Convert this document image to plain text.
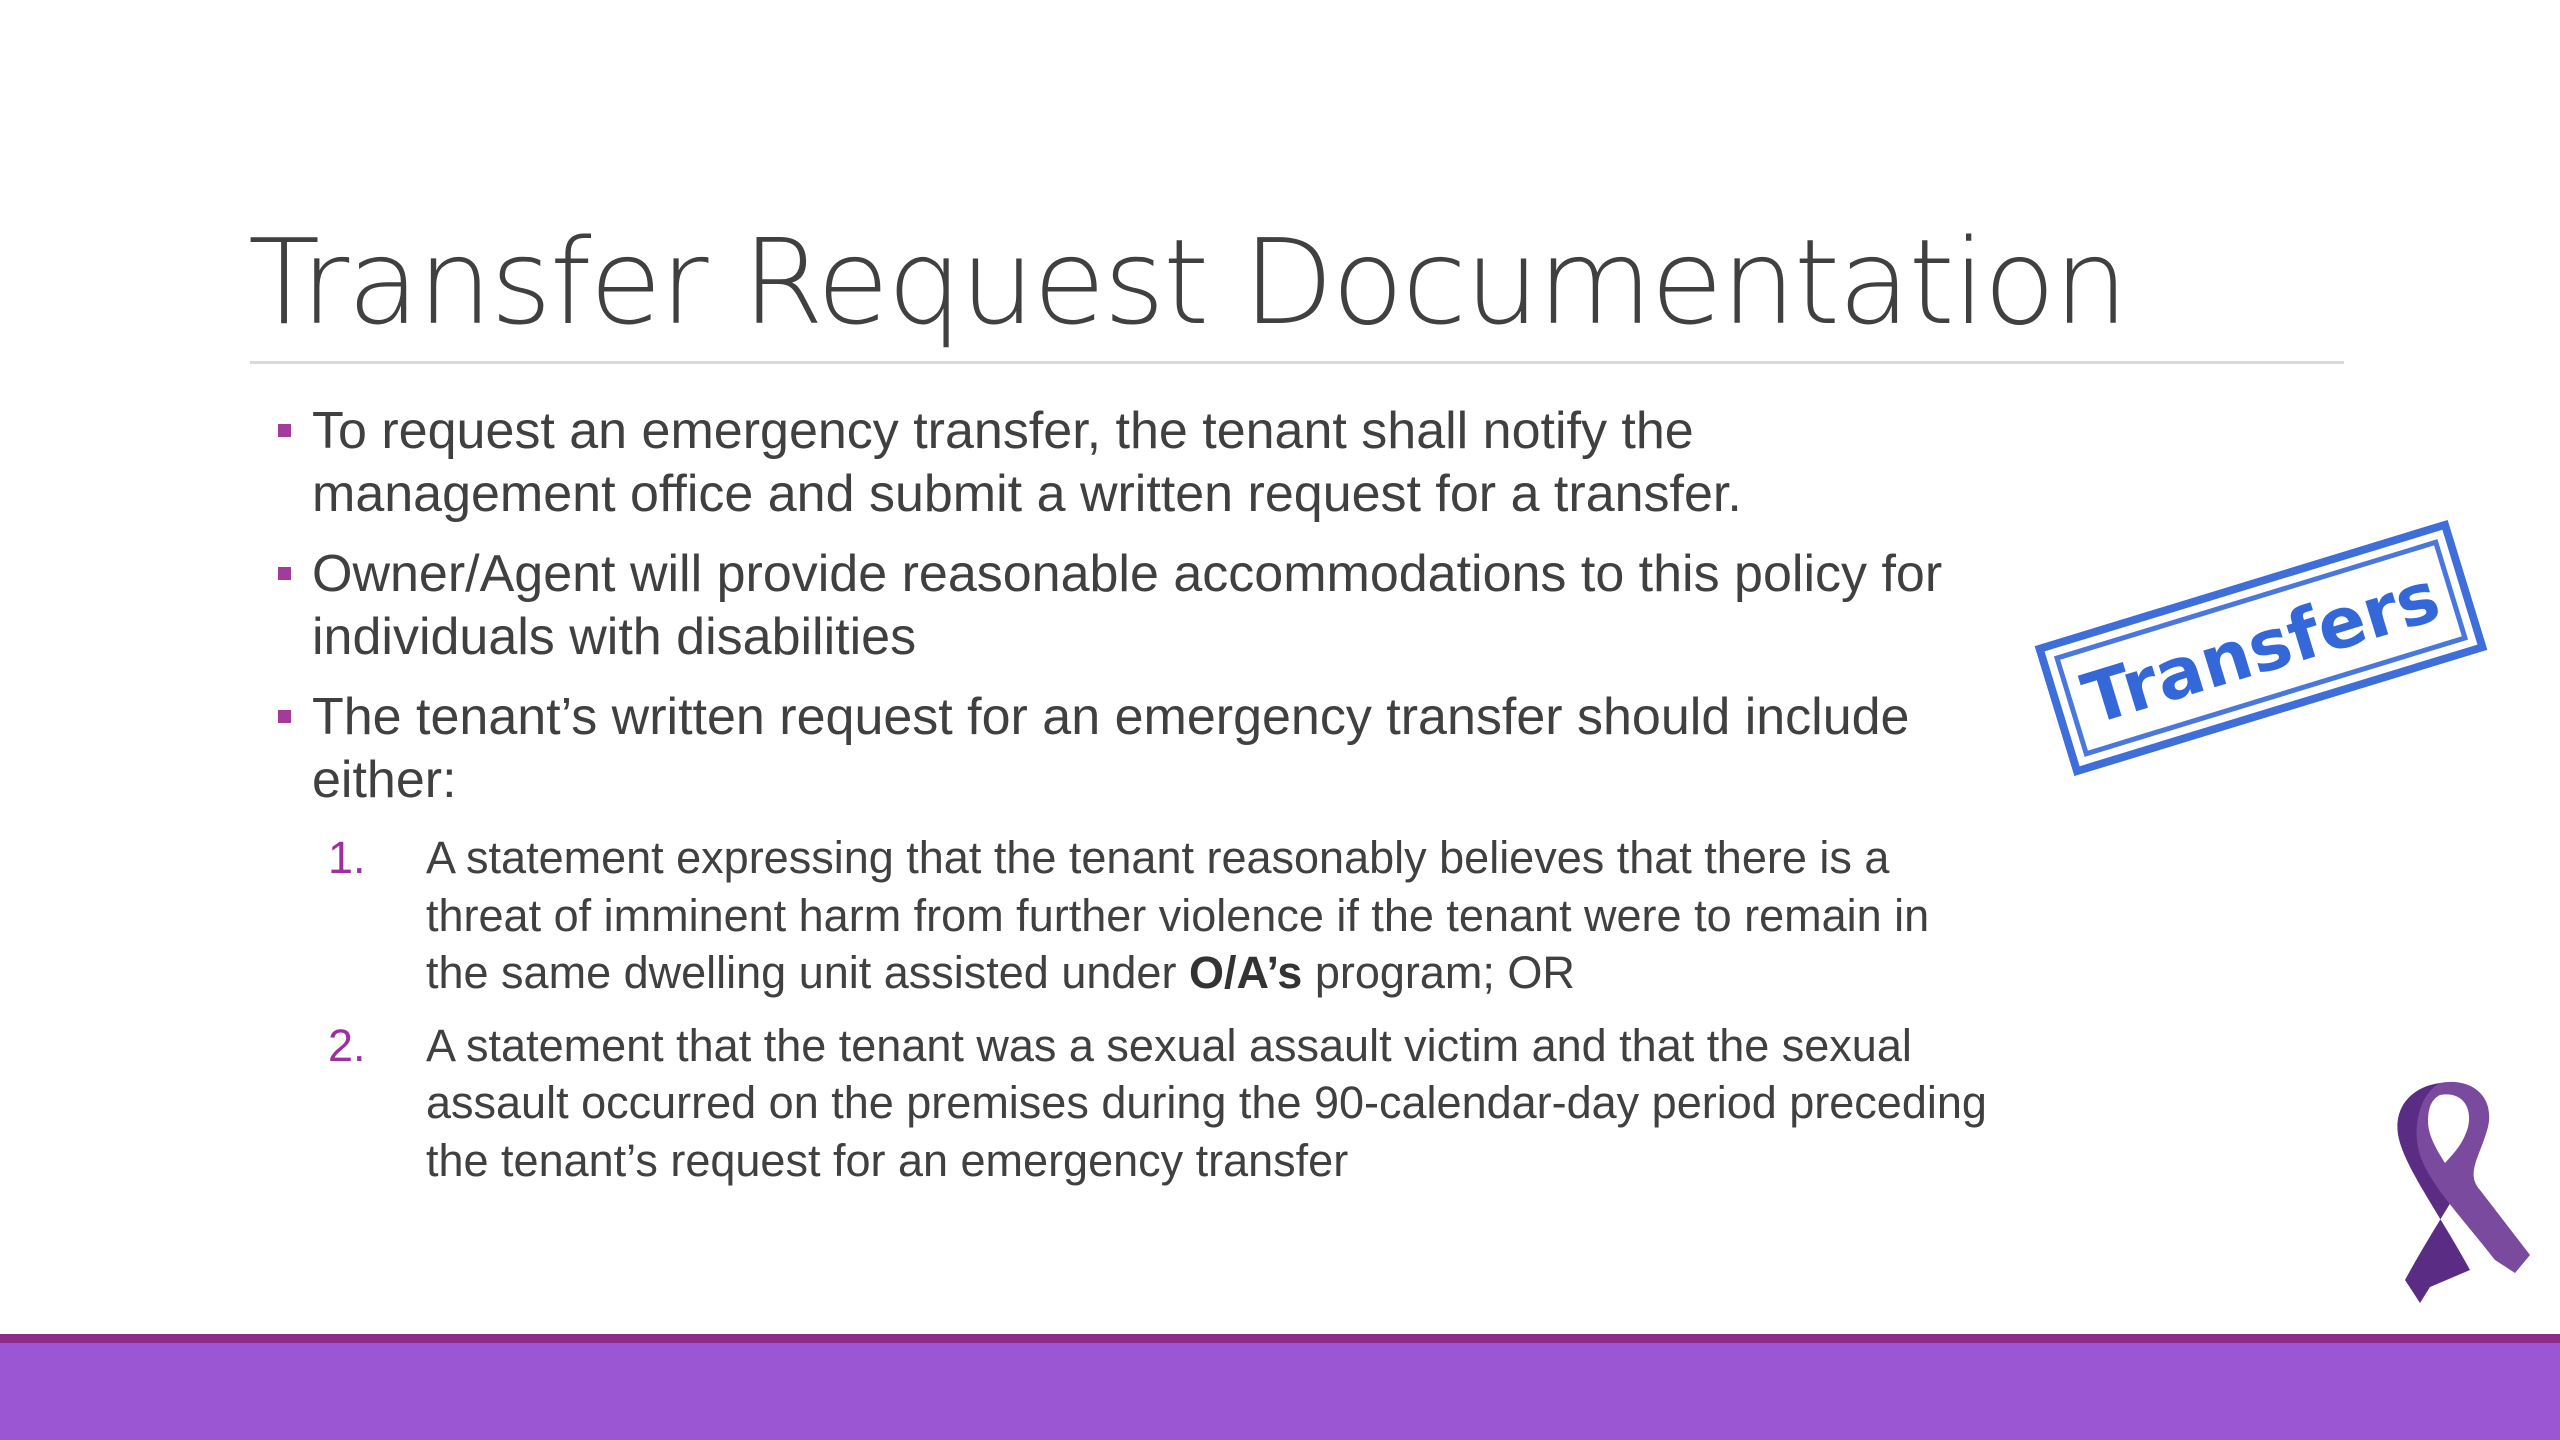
Transfer Request Documentation
To request an emergency transfer, the tenant shall notify the management office and submit a written request for a transfer.
Owner/Agent will provide reasonable accommodations to this policy for individuals with disabilities
The tenant’s written request for an emergency transfer should include either:
1. A statement expressing that the tenant reasonably believes that there is a threat of imminent harm from further violence if the tenant were to remain in the same dwelling unit assisted under O/A’s program; OR
2. A statement that the tenant was a sexual assault victim and that the sexual assault occurred on the premises during the 90-calendar-day period preceding the tenant’s request for an emergency transfer
Transfers
